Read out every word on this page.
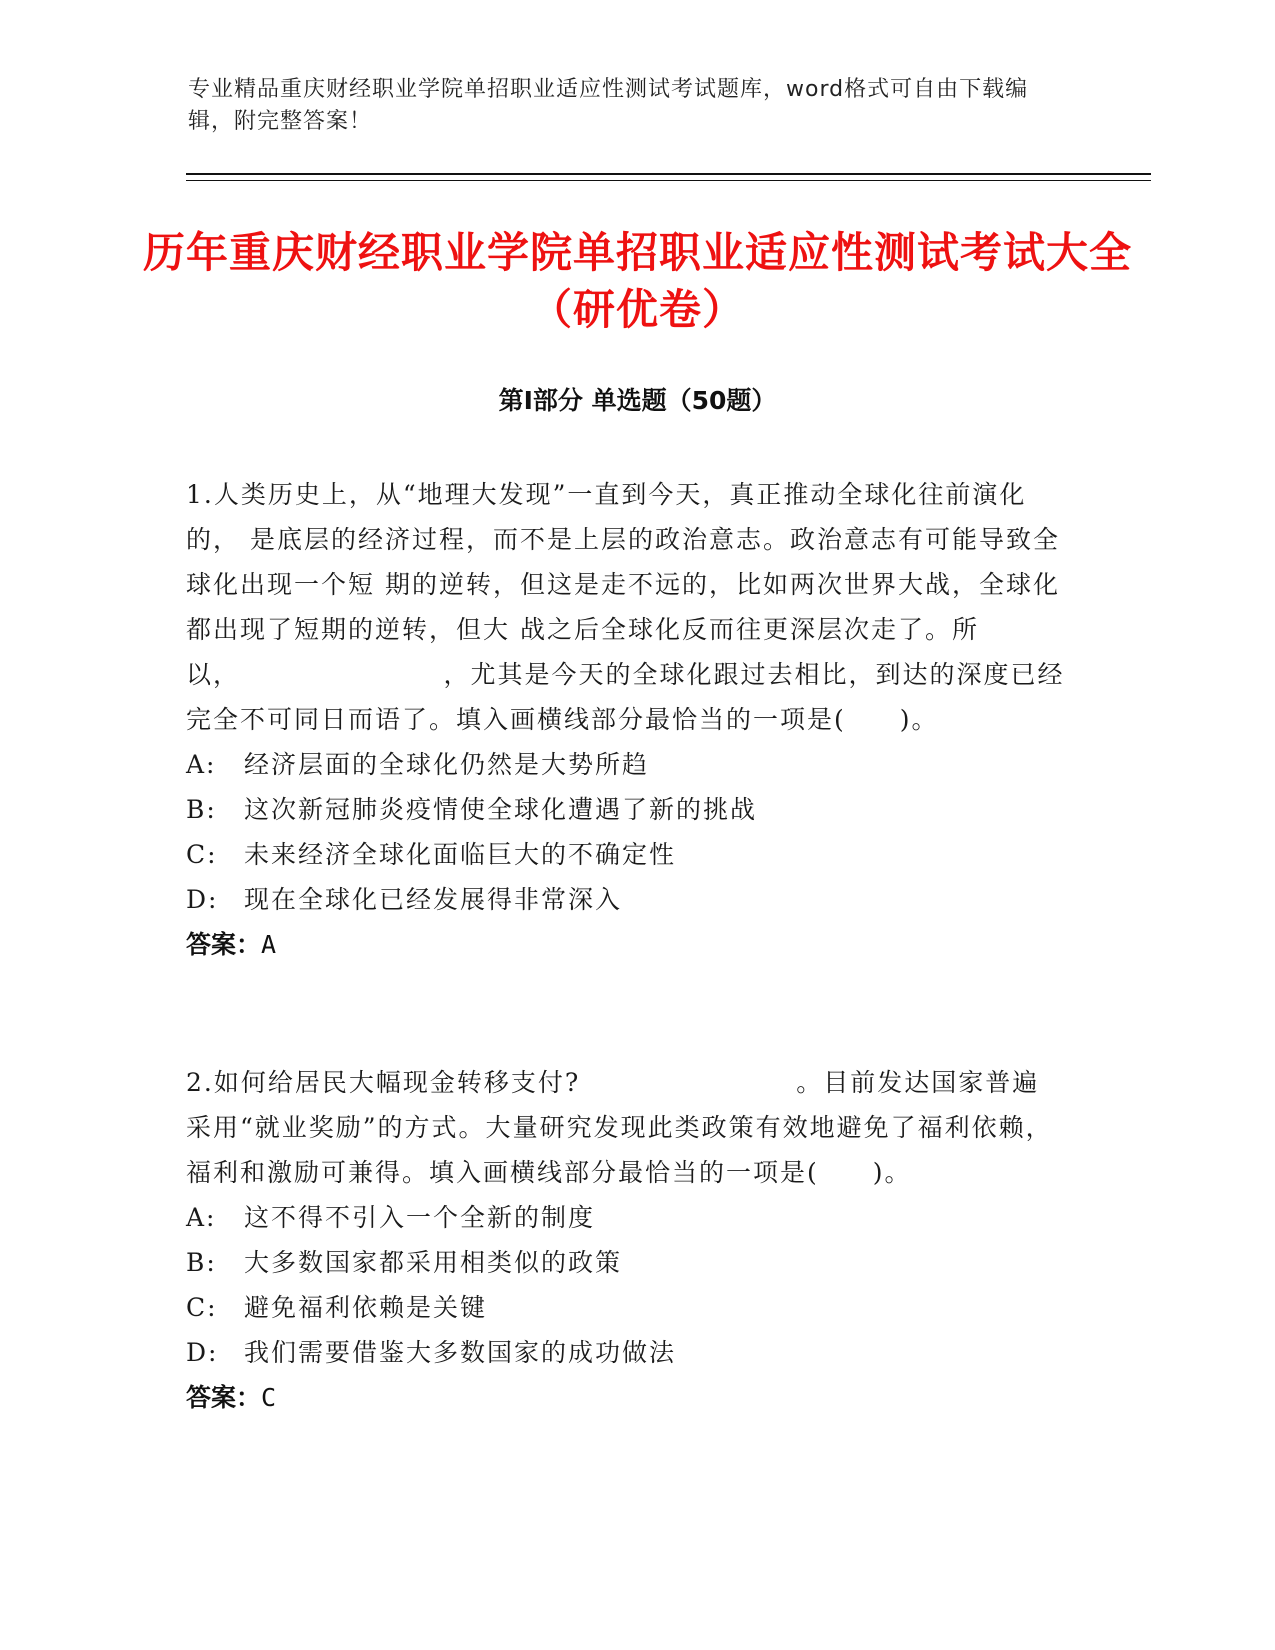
专业精品重庆财经职业学院单招职业适应性测试考试题库，word格式可自由下载编辑，附完整答案！
历年重庆财经职业学院单招职业适应性测试考试大全（研优卷）
第Ⅰ部分 单选题（50题）

1.人类历史上，从“地理大发现”一直到今天，真正推动全球化往前演化的， 是底层的经济过程，而不是上层的政治意志。政治意志有可能导致全球化出现一个短 期的逆转，但这是走不远的，比如两次世界大战，全球化都出现了短期的逆转，但大 战之后全球化反而往更深层次走了。所以，　　　　　　　　，尤其是今天的全球化跟过去相比，到达的深度已经完全不可同日而语了。填入画横线部分最恰当的一项是(　　)。

A:	经济层面的全球化仍然是大势所趋
B:	这次新冠肺炎疫情使全球化遭遇了新的挑战
C:	未来经济全球化面临巨大的不确定性
D:	现在全球化已经发展得非常深入
答案：A

2.如何给居民大幅现金转移支付?　　　　　　　　。目前发达国家普遍采用“就业奖励”的方式。大量研究发现此类政策有效地避免了福利依赖，福利和激励可兼得。填入画横线部分最恰当的一项是(　　)。

A:	这不得不引入一个全新的制度
B:	大多数国家都采用相类似的政策
C:	避免福利依赖是关键
D:	我们需要借鉴大多数国家的成功做法
答案：C
